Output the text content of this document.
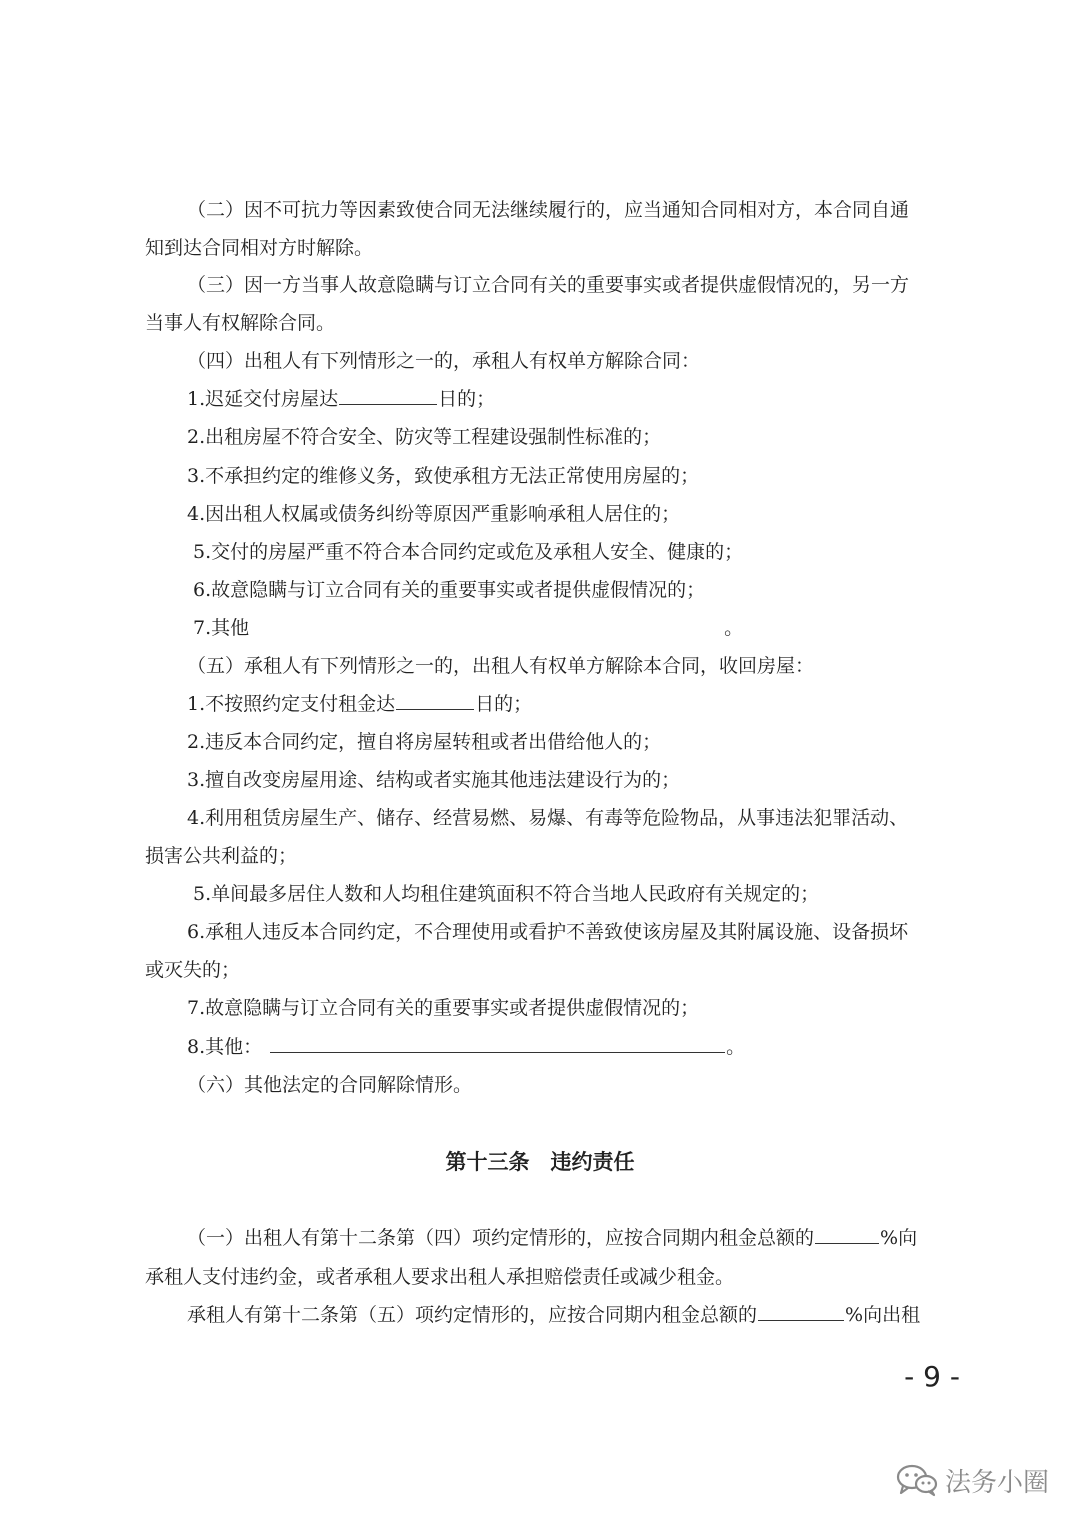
（二）因不可抗力等因素致使合同无法继续履行的，应当通知合同相对方，本合同自通
知到达合同相对方时解除。
（三）因一方当事人故意隐瞒与订立合同有关的重要事实或者提供虚假情况的，另一方
当事人有权解除合同。
（四）出租人有下列情形之一的，承租人有权单方解除合同：
1.迟延交付房屋达	日的；
2.出租房屋不符合安全、防灾等工程建设强制性标准的；
3.不承担约定的维修义务，致使承租方无法正常使用房屋的；
4.因出租人权属或债务纠纷等原因严重影响承租人居住的；
5.交付的房屋严重不符合本合同约定或危及承租人安全、健康的；
6.故意隐瞒与订立合同有关的重要事实或者提供虚假情况的；
7.其他	。
（五）承租人有下列情形之一的，出租人有权单方解除本合同，收回房屋：
1.不按照约定支付租金达	日的；
2.违反本合同约定，擅自将房屋转租或者出借给他人的；
3.擅自改变房屋用途、结构或者实施其他违法建设行为的；
4.利用租赁房屋生产、储存、经营易燃、易爆、有毒等危险物品，从事违法犯罪活动、
损害公共利益的；
5.单间最多居住人数和人均租住建筑面积不符合当地人民政府有关规定的；
6.承租人违反本合同约定，不合理使用或看护不善致使该房屋及其附属设施、设备损坏
或灭失的；
7.故意隐瞒与订立合同有关的重要事实或者提供虚假情况的；
8.其他：	。
（六）其他法定的合同解除情形。
第十三条　违约责任
（一）出租人有第十二条第（四）项约定情形的，应按合同期内租金总额的	%向
承租人支付违约金，或者承租人要求出租人承担赔偿责任或减少租金。
承租人有第十二条第（五）项约定情形的，应按合同期内租金总额的	%向出租
- 9 -
法务小圈
